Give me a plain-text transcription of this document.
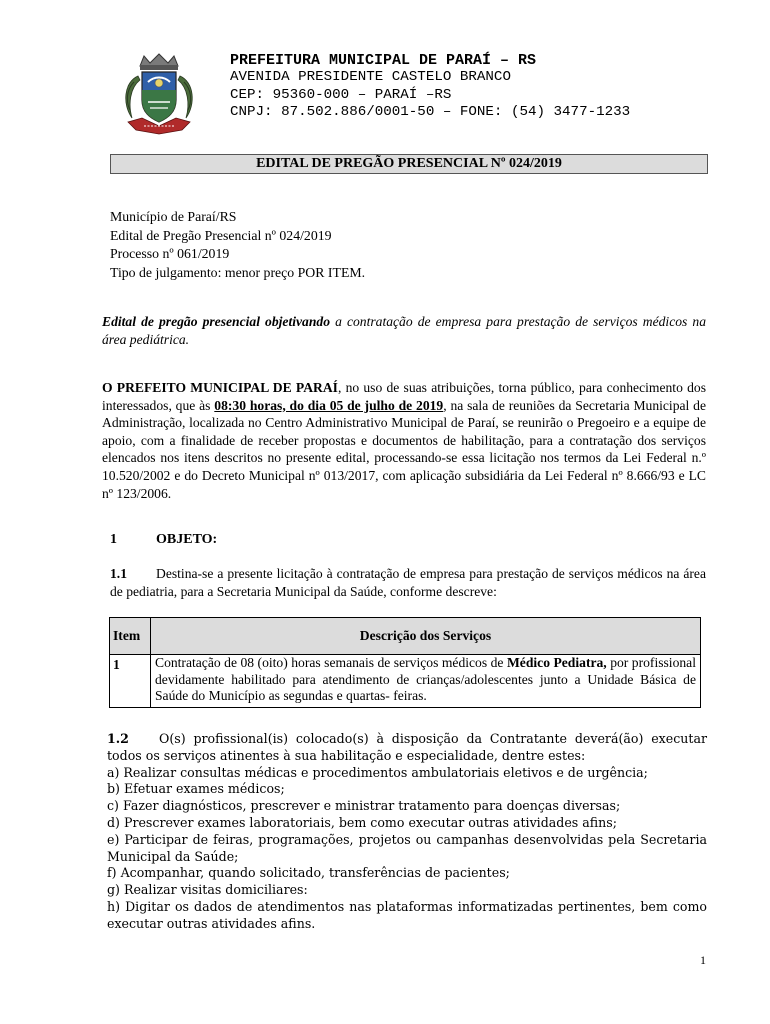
PREFEITURA MUNICIPAL DE PARAÍ – RS
AVENIDA PRESIDENTE CASTELO BRANCO
CEP: 95360-000 – PARAÍ –RS
CNPJ: 87.502.886/0001-50 – FONE: (54) 3477-1233
EDITAL DE PREGÃO PRESENCIAL Nº 024/2019
Município de Paraí/RS
Edital de Pregão Presencial nº 024/2019
Processo nº 061/2019
Tipo de julgamento: menor preço POR ITEM.
Edital de pregão presencial objetivando a contratação de empresa para prestação de serviços médicos na área pediátrica.
O PREFEITO MUNICIPAL DE PARAÍ, no uso de suas atribuições, torna público, para conhecimento dos interessados, que às 08:30 horas, do dia 05 de julho de 2019, na sala de reuniões da Secretaria Municipal de Administração, localizada no Centro Administrativo Municipal de Paraí, se reunirão o Pregoeiro e a equipe de apoio, com a finalidade de receber propostas e documentos de habilitação, para a contratação dos serviços elencados nos itens descritos no presente edital, processando-se essa licitação nos termos da Lei Federal n.º 10.520/2002 e do Decreto Municipal nº 013/2017, com aplicação subsidiária da Lei Federal nº 8.666/93 e LC nº 123/2006.
1	OBJETO:
1.1 Destina-se a presente licitação à contratação de empresa para prestação de serviços médicos na área de pediatria, para a Secretaria Municipal da Saúde, conforme descreve:
Item	Descrição dos Serviços
1	Contratação de 08 (oito) horas semanais de serviços médicos de Médico Pediatra, por profissional devidamente habilitado para atendimento de crianças/adolescentes junto a Unidade Básica de Saúde do Município as segundas e quartas- feiras.
1.2 O(s) profissional(is) colocado(s) à disposição da Contratante deverá(ão) executar todos os serviços atinentes à sua habilitação e especialidade, dentre estes:
a) Realizar consultas médicas e procedimentos ambulatoriais eletivos e de urgência;
b) Efetuar exames médicos;
c) Fazer diagnósticos, prescrever e ministrar tratamento para doenças diversas;
d) Prescrever exames laboratoriais, bem como executar outras atividades afins;
e) Participar de feiras, programações, projetos ou campanhas desenvolvidas pela Secretaria Municipal da Saúde;
f) Acompanhar, quando solicitado, transferências de pacientes;
g) Realizar visitas domiciliares:
h) Digitar os dados de atendimentos nas plataformas informatizadas pertinentes, bem como executar outras atividades afins.
1
